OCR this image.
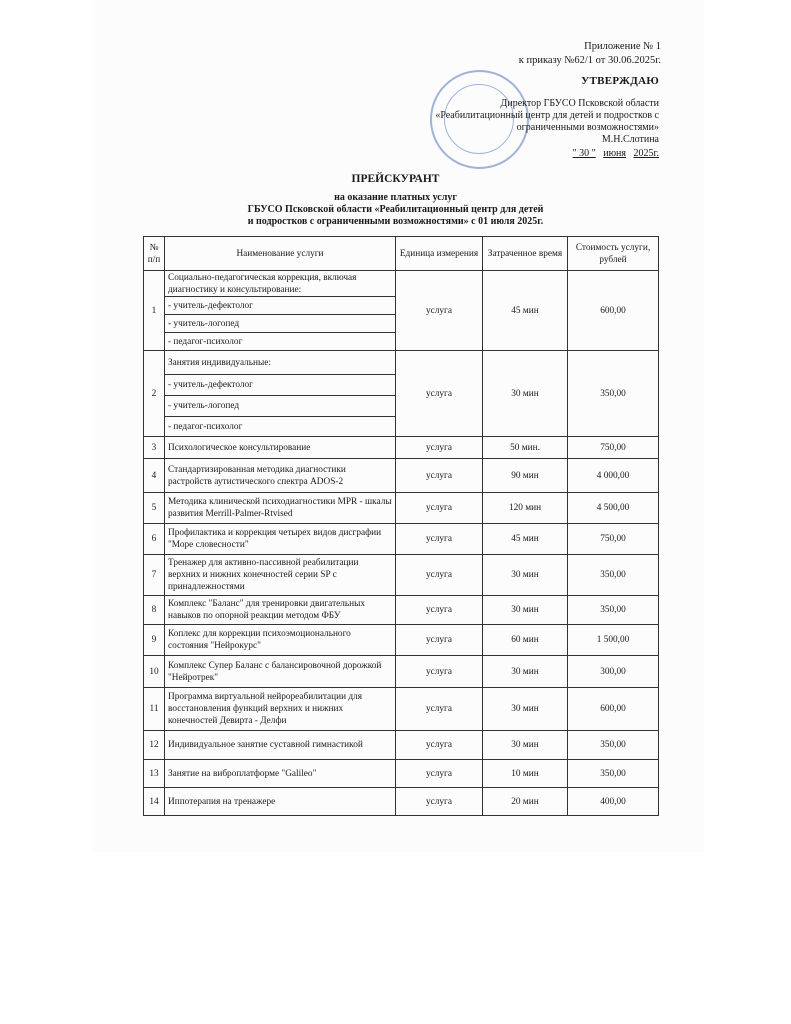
Приложение № 1
к приказу №62/1 от 30.06.2025г.
УТВЕРЖДАЮ
Директор ГБУСО Псковской области
«Реабилитационный центр для детей и подростков с
ограниченными возможностями»
М.Н.Слотина
" 30 " июня 2025г.
ПРЕЙСКУРАНТ
на оказание платных услуг
ГБУСО Псковской области «Реабилитационный центр для детей
и подростков с ограниченными возможностями» с 01 июля 2025г.
№ п/п	Наименование услуги	Единица измерения	Затраченное время	Стоимость услуги, рублей
1	Социально-педагогическая коррекция, включая диагностику и консультирование:	услуга	45 мин	600,00
	- учитель-дефектолог			
	- учитель-логопед			
	- педагог-психолог			
2	Занятия индивидуальные:	услуга	30 мин	350,00
	- учитель-дефектолог			
	- учитель-логопед			
	- педагог-психолог			
3	Психологическое консультирование	услуга	50 мин.	750,00
4	Стандартизированная методика диагностики растройств аутистического спектра ADOS-2	услуга	90 мин	4 000,00
5	Методика клинической психодиагностики MPR - шкалы развития Merrill-Palmer-Rtvised	услуга	120 мин	4 500,00
6	Профилактика и коррекция четырех видов дисграфии "Море словесности"	услуга	45 мин	750,00
7	Тренажер для активно-пассивной реабилитации верхних и нижних конечностей серии SP с принадлежностями	услуга	30 мин	350,00
8	Комплекс "Баланс" для тренировки двигательных навыков по опорной реакции методом ФБУ	услуга	30 мин	350,00
9	Коплекс для коррекции психоэмоционального состояния "Нейрокурс"	услуга	60 мин	1 500,00
10	Комплекс Супер Баланс с балансировочной дорожкой "Нейротрек"	услуга	30 мин	300,00
11	Программа виртуальной нейрореабилитации для восстановления функций верхних и нижних конечностей Девирта - Делфи	услуга	30 мин	600,00
12	Индивидуальное занятие суставной гимнастикой	услуга	30 мин	350,00
13	Занятие на виброплатформе "Galileo"	услуга	10 мин	350,00
14	Иппотерапия на тренажере	услуга	20 мин	400,00
